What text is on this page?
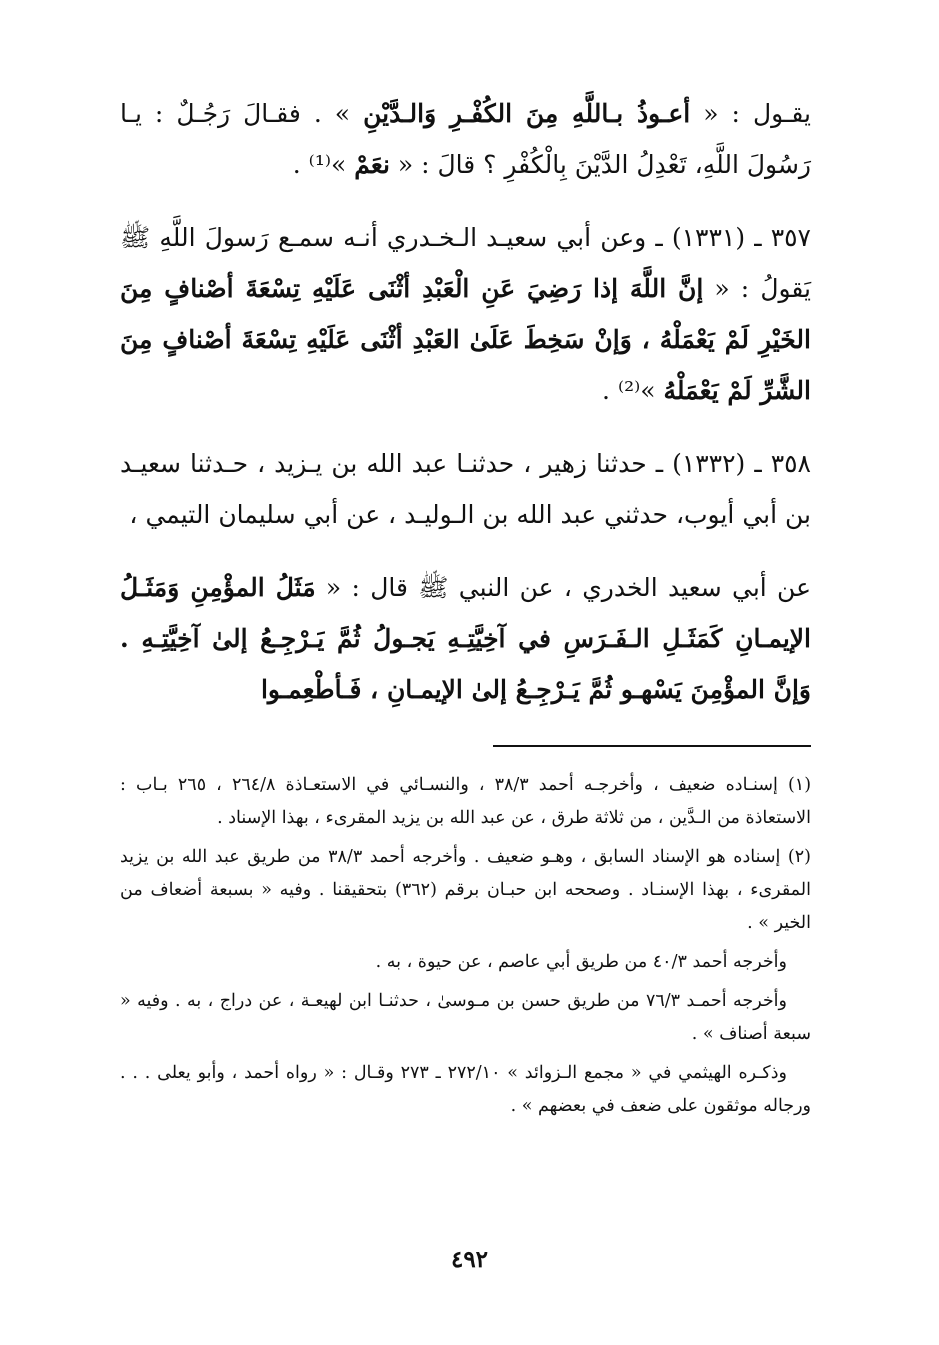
يقـول : « أعـوذُ بـاللَّهِ مِنَ الكُفْـرِ وَالـدَّيْنِ » . فقـالَ رَجُـلٌ : يـا رَسُولَ اللَّهِ، تَعْدِلُ الدَّيْنَ بِالْكُفْرِ ؟ قالَ : « نعَمْ »⁽¹⁾ .

٣٥٧ ـ (١٣٣١) ـ وعن أبي سعيـد الـخـدري أنـه سمـع رَسولَ اللَّهِ ﷺ يَقولُ : « إنَّ اللَّهَ إذا رَضِيَ عَنِ الْعَبْدِ أثْنَى عَلَيْهِ تِسْعَةَ أصْنافٍ مِنَ الخَيْرِ لَمْ يَعْمَلْهُ ، وَإنْ سَخِطَ عَلَىٰ العَبْدِ أثْنَى عَلَيْهِ تِسْعَةَ أصْنافٍ مِنَ الشَّرِّ لَمْ يَعْمَلْهُ »⁽²⁾ .

٣٥٨ ـ (١٣٣٢) ـ حدثنا زهير ، حدثنـا عبد الله بن يـزيد ، حـدثنا سعيـد بن أبي أيوب، حدثني عبد الله بن الـوليـد ، عن أبي سليمان التيمي ،

عن أبي سعيد الخدري ، عن النبي ﷺ قال : « مَثَلُ المؤْمِنِ وَمَثَـلُ الإيمـانِ كَمَثَـلِ الـفَـرَسِ في آخِيَّتِـهِ يَجـولُ ثُمَّ يَـرْجِـعُ إلىٰ آخِيَّتِـهِ . وَإنَّ المؤْمِنَ يَسْهـو ثُمَّ يَـرْجِـعُ إلىٰ الإيمـانِ ، فَـأطْعِمـوا

(١) إسنـاده ضعيف ، وأخرجـه أحمد ٣٨/٣ ، والنسـائي في الاستعـاذة ٢٦٤/٨ ، ٢٦٥ بـاب : الاستعاذة من الـدَّين ، من ثلاثة طرق ، عن عبد الله بن يزيد المقرىء ، بهذا الإسناد .

(٢) إسناده هو الإسناد السابق ، وهـو ضعيف . وأخرجه أحمد ٣٨/٣ من طريق عبد الله بن يزيد المقرىء ، بهذا الإسنـاد . وصححه ابن حبـان برقم (٣٦٢) بتحقيقنا . وفيه « بسبعة أضعاف من الخير » .

وأخرجه أحمد ٤٠/٣ من طريق أبي عاصم ، عن حيوة ، به .

وأخرجه أحمـد ٧٦/٣ من طريق حسن بن مـوسىٰ ، حدثنـا ابن لهيعـة ، عن دراج ، به . وفيه « سبعة أصناف » .

وذكـره الهيثمي في « مجمع الـزوائد » ٢٧٢/١٠ ـ ٢٧٣ وقـال : « رواه أحمد ، وأبو يعلى . . . ورجاله موثقون على ضعف في بعضهم » .

٤٩٢
